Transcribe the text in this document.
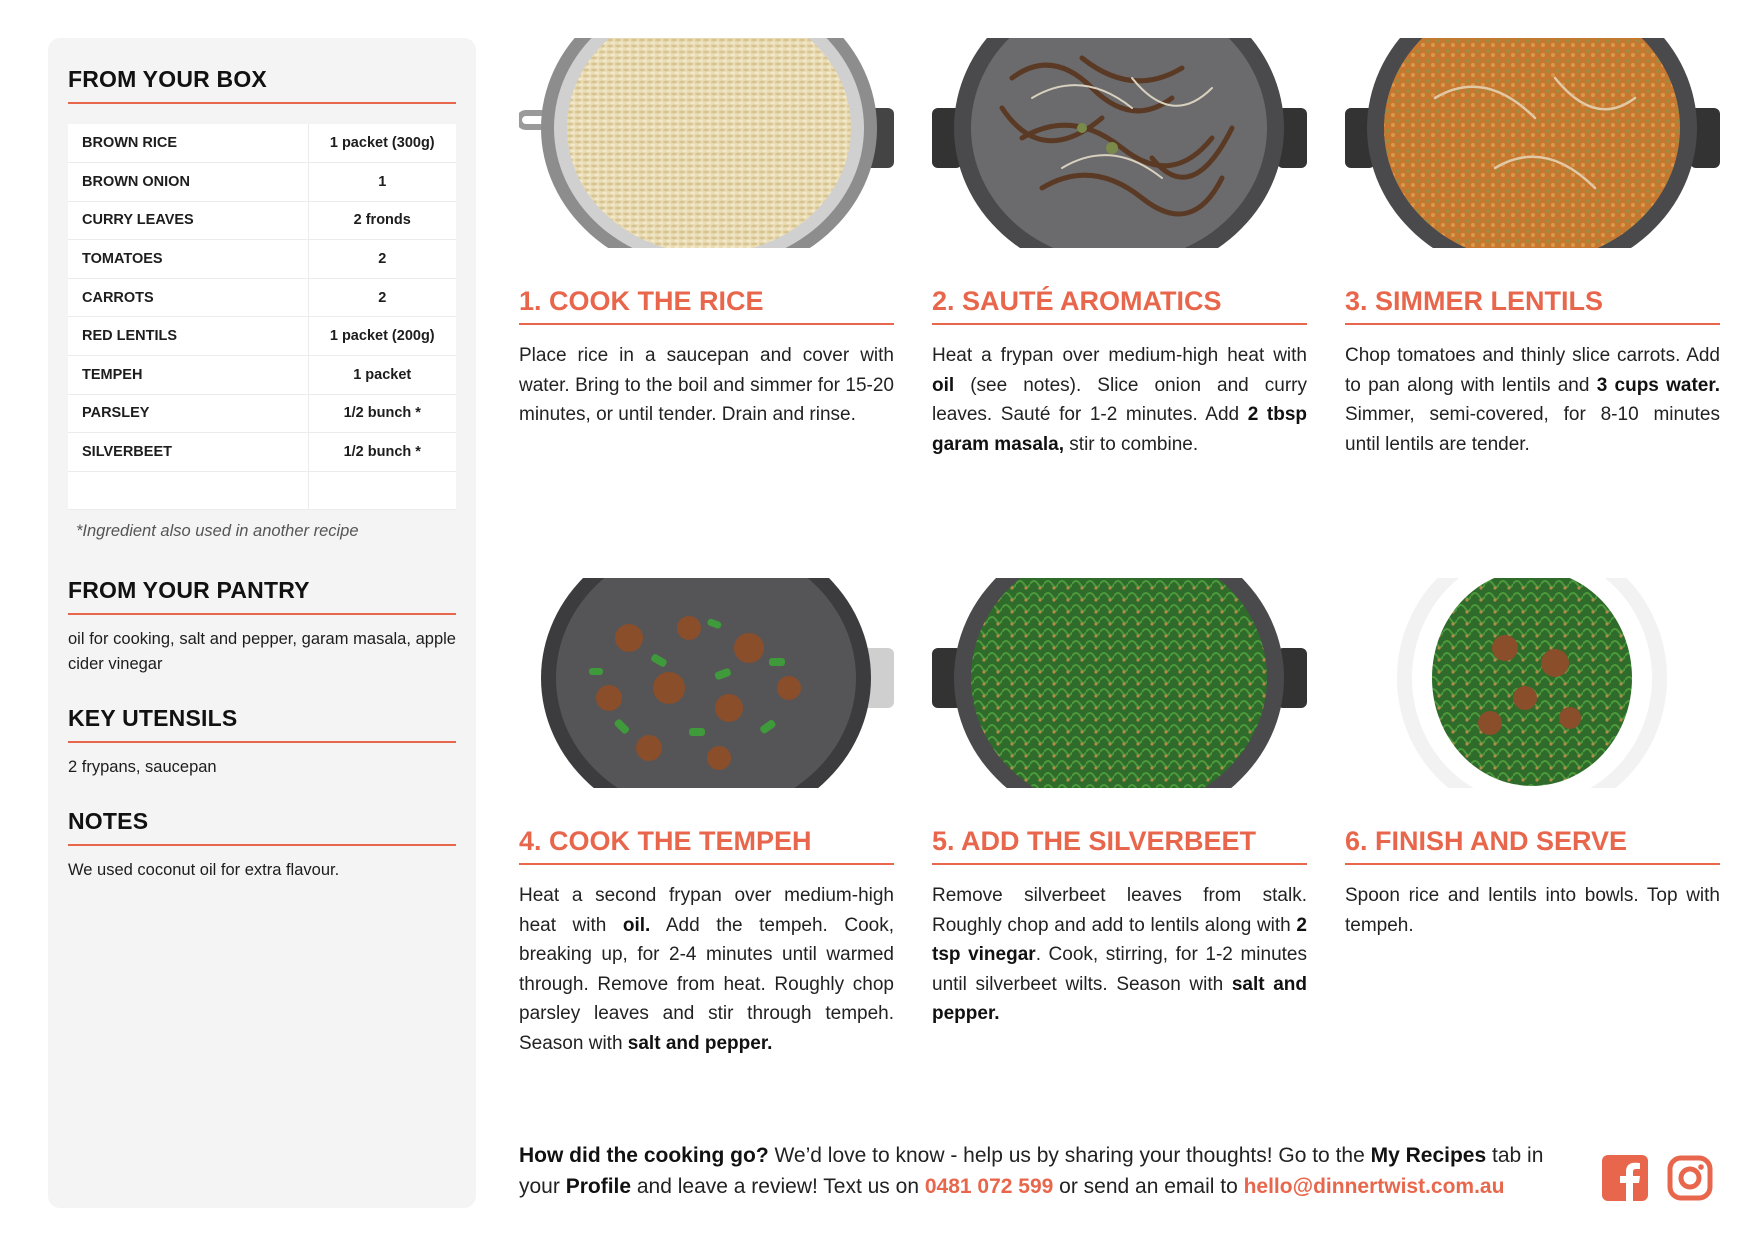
FROM YOUR BOX
BROWN RICE	1 packet (300g)
BROWN ONION	1
CURRY LEAVES	2 fronds
TOMATOES	2
CARROTS	2
RED LENTILS	1 packet (200g)
TEMPEH	1 packet
PARSLEY	1/2 bunch *
SILVERBEET	1/2 bunch *

*Ingredient also used in another recipe
FROM YOUR PANTRY
oil for cooking, salt and pepper, garam masala, apple cider vinegar
KEY UTENSILS
2 frypans, saucepan
NOTES
We used coconut oil for extra flavour.
1. COOK THE RICE
Place rice in a saucepan and cover with water. Bring to the boil and simmer for 15-20 minutes, or until tender. Drain and rinse.
2. SAUTÉ AROMATICS
Heat a frypan over medium-high heat with oil (see notes). Slice onion and curry leaves. Sauté for 1-2 minutes. Add 2 tbsp garam masala, stir to combine.
3. SIMMER LENTILS
Chop tomatoes and thinly slice carrots. Add to pan along with lentils and 3 cups water. Simmer, semi-covered, for 8-10 minutes until lentils are tender.
4. COOK THE TEMPEH
Heat a second frypan over medium-high heat with oil. Add the tempeh. Cook, breaking up, for 2-4 minutes until warmed through. Remove from heat. Roughly chop parsley leaves and stir through tempeh. Season with salt and pepper.
5. ADD THE SILVERBEET
Remove silverbeet leaves from stalk. Roughly chop and add to lentils along with 2 tsp vinegar. Cook, stirring, for 1-2 minutes until silverbeet wilts. Season with salt and pepper.
6. FINISH AND SERVE
Spoon rice and lentils into bowls. Top with tempeh.
How did the cooking go? We’d love to know - help us by sharing your thoughts! Go to the My Recipes tab in your Profile and leave a review! Text us on 0481 072 599 or send an email to hello@dinnertwist.com.au
